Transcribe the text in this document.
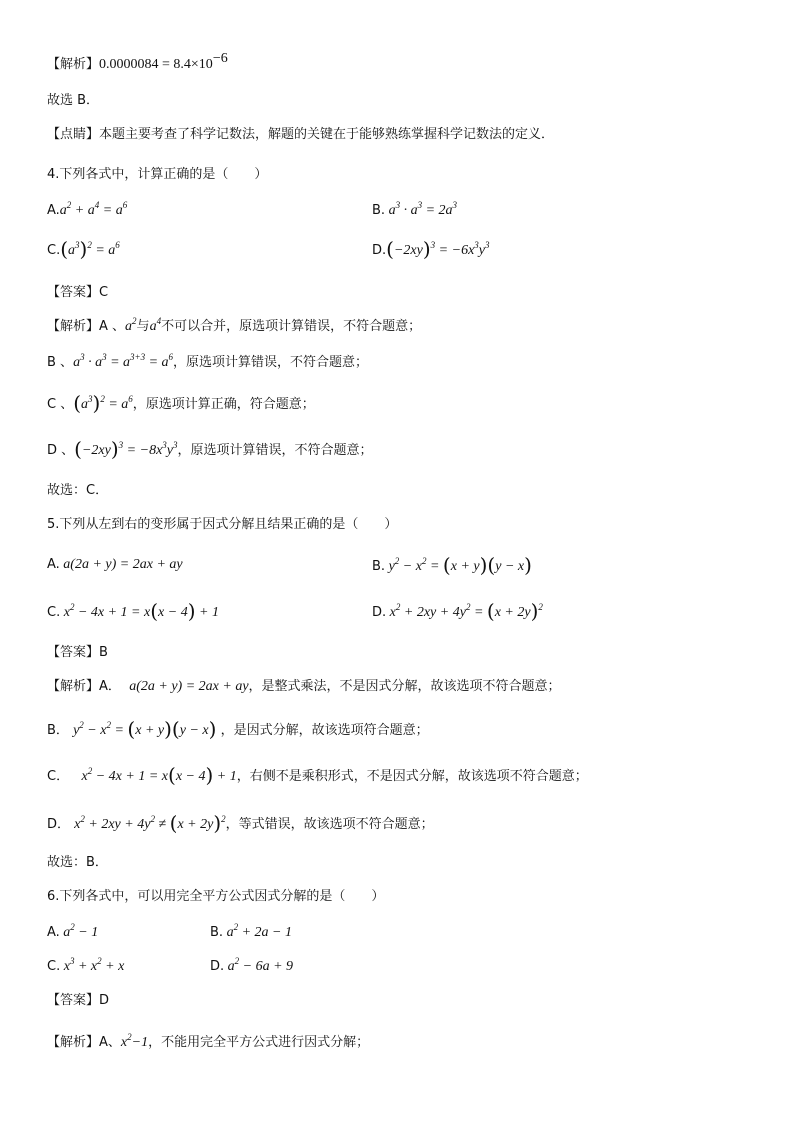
【解析】$0.0000084 = 8.4\times 10^{-6}$
故选 B．
【点睛】本题主要考查了科学记数法，解题的关键在于能够熟练掌握科学记数法的定义．
4.下列各式中，计算正确的是（　　）
$A.a^2 + a^4 = a^6$	B. $a^3 \cdot a^3 = 2a^3$
$C.(a^3)^2 = a^6$	$D.(-2xy)^3 = -6x^3y^3$
【答案】C
【解析】A 、$a^2$与$a^4$不可以合并，原选项计算错误，不符合题意；
B 、$a^3 \cdot a^3 = a^{3+3} = a^6$，原选项计算错误，不符合题意；
C 、$(a^3)^2 = a^6$，原选项计算正确，符合题意；
D 、$(-2xy)^3 = -8x^3y^3$，原选项计算错误，不符合题意；
故选：C．
5.下列从左到右的变形属于因式分解且结果正确的是（　　）
A. a(2a + y) = 2ax + ay	B. $y^2 - x^2 = (x + y)(y - x)$
C. $x^2 - 4x + 1 = x(x - 4) + 1$	D. $x^2 + 2xy + 4y^2 = (x + 2y)^2$
【答案】B
【解析】A． a(2a + y) = 2ax + ay，是整式乘法，不是因式分解，故该选项不符合题意；
B． $y^2 - x^2 = (x + y)(y - x)$ ，是因式分解，故该选项符合题意；
C． $x^2 - 4x + 1 = x(x - 4) + 1$，右侧不是乘积形式，不是因式分解，故该选项不符合题意；
D． $x^2 + 2xy + 4y^2 \ne (x + 2y)^2$，等式错误，故该选项不符合题意；
故选：B．
6.下列各式中，可以用完全平方公式因式分解的是（　　）
A. $a^2 - 1$	B. $a^2 + 2a - 1$
C. $x^3 + x^2 + x$	D. $a^2 - 6a + 9$
【答案】D
【解析】A、$x^2-1$，不能用完全平方公式进行因式分解；
